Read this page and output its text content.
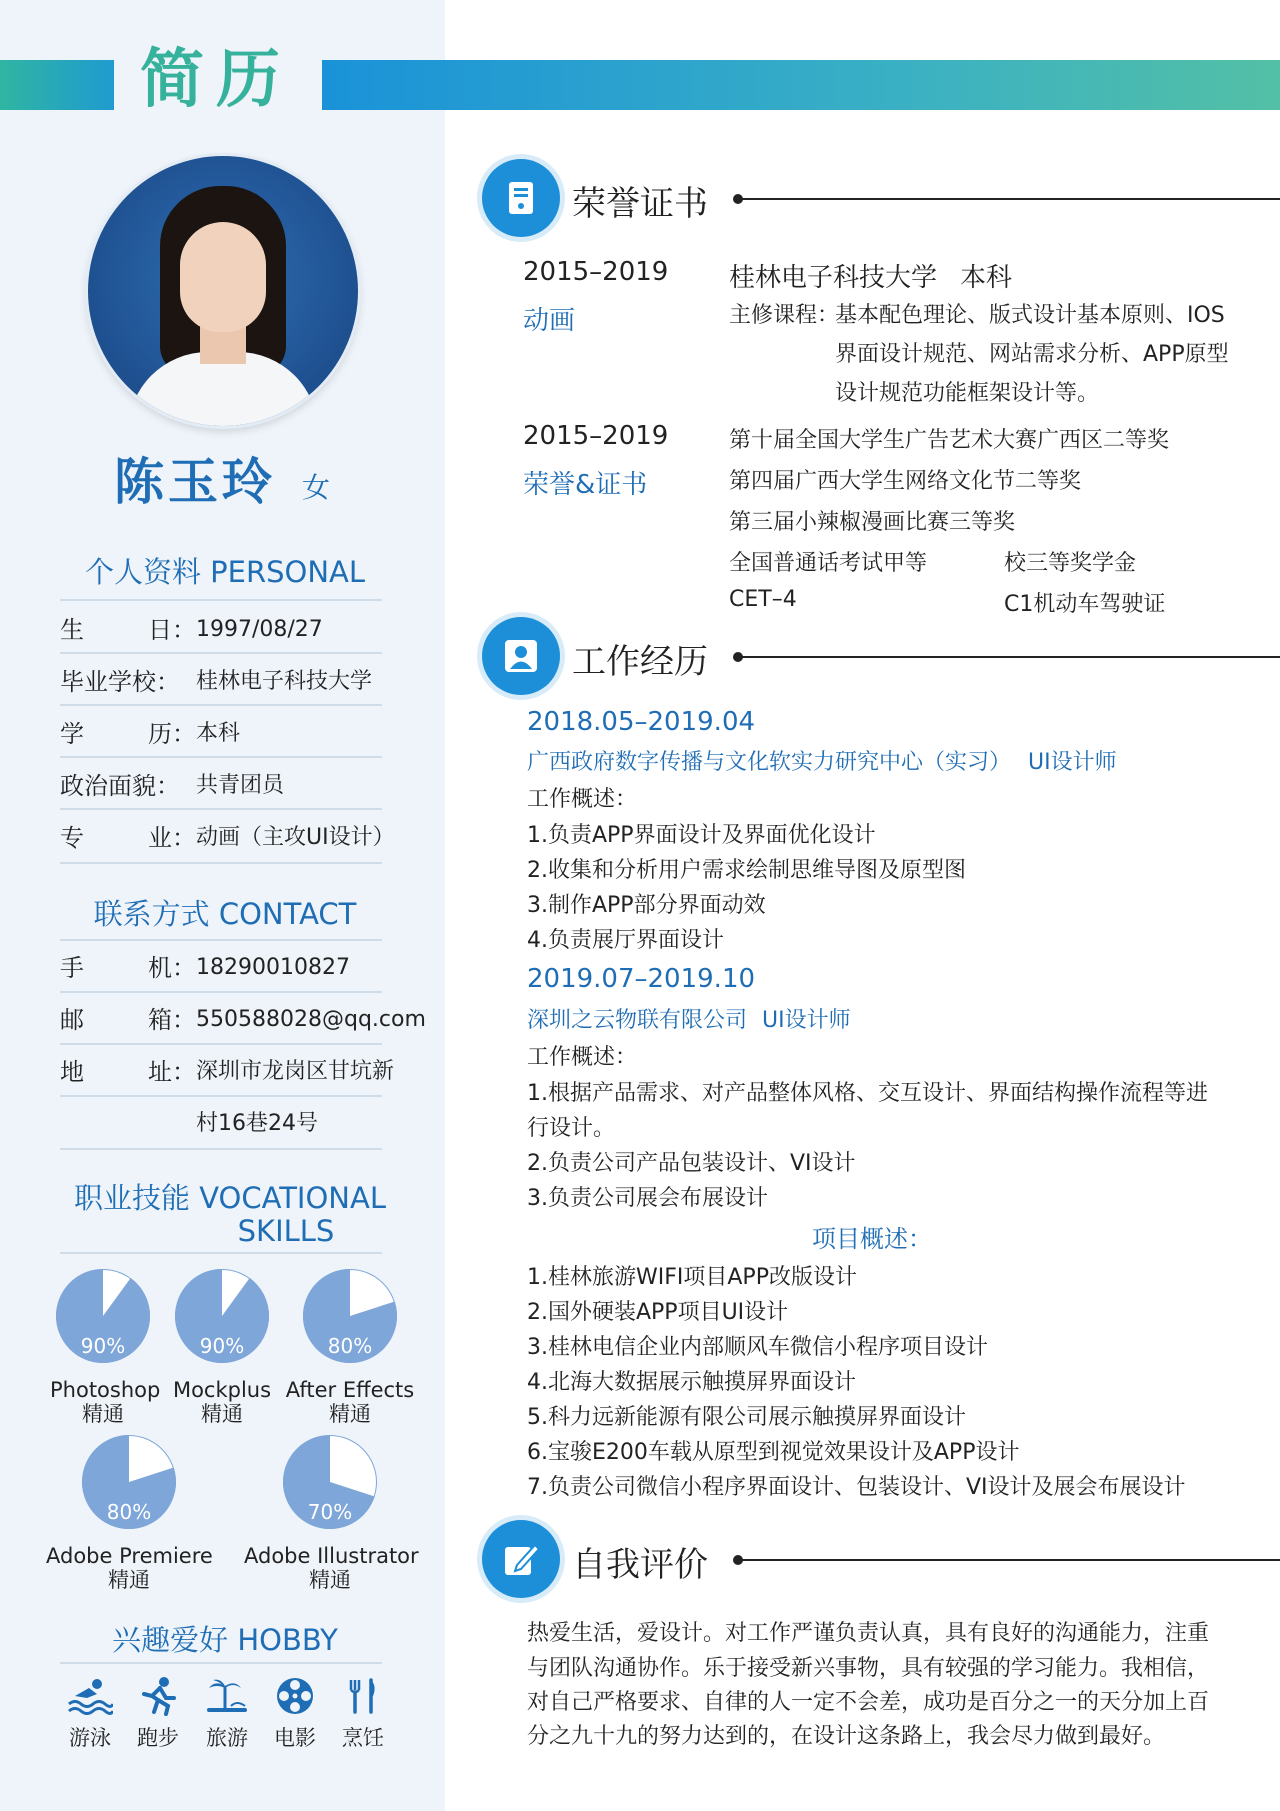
简历
陈玉玲 女
个人资料 PERSONAL
生	日： 1997/08/27
毕业学校： 桂林电子科技大学
学	历： 本科
政治面貌： 共青团员
专	业： 动画（主攻UI设计）
联系方式 CONTACT
手	机： 18290010827
邮	箱： 550588028@qq.com
地	址： 深圳市龙岗区甘坑新
村16巷24号
职业技能 VOCATIONAL
SKILLS
90%
Photoshop
精通
90%
Mockplus
精通
80%
After Effects
精通
80%
Adobe Premiere
精通
70%
Adobe Illustrator
精通
兴趣爱好 HOBBY
游泳 跑步 旅游 电影 烹饪
荣誉证书
2015–2019
动画
桂林电子科技大学 本科
主修课程：
基本配色理论、版式设计基本原则、IOS
界面设计规范、网站需求分析、APP原型
设计规范功能框架设计等。
2015–2019
荣誉&证书
第十届全国大学生广告艺术大赛广西区二等奖
第四届广西大学生网络文化节二等奖
第三届小辣椒漫画比赛三等奖
全国普通话考试甲等	校三等奖学金
CET–4	C1机动车驾驶证
工作经历
2018.05–2019.04
广西政府数字传播与文化软实力研究中心（实习） UI设计师
工作概述：
1.负责APP界面设计及界面优化设计
2.收集和分析用户需求绘制思维导图及原型图
3.制作APP部分界面动效
4.负责展厅界面设计
2019.07–2019.10
深圳之云物联有限公司 UI设计师
工作概述：
1.根据产品需求、对产品整体风格、交互设计、界面结构操作流程等进
行设计。
2.负责公司产品包装设计、VI设计
3.负责公司展会布展设计
项目概述：
1.桂林旅游WIFI项目APP改版设计
2.国外硬装APP项目UI设计
3.桂林电信企业内部顺风车微信小程序项目设计
4.北海大数据展示触摸屏界面设计
5.科力远新能源有限公司展示触摸屏界面设计
6.宝骏E200车载从原型到视觉效果设计及APP设计
7.负责公司微信小程序界面设计、包装设计、VI设计及展会布展设计
自我评价
热爱生活，爱设计。对工作严谨负责认真，具有良好的沟通能力，注重
与团队沟通协作。乐于接受新兴事物，具有较强的学习能力。我相信，
对自己严格要求、自律的人一定不会差，成功是百分之一的天分加上百
分之九十九的努力达到的，在设计这条路上，我会尽力做到最好。
